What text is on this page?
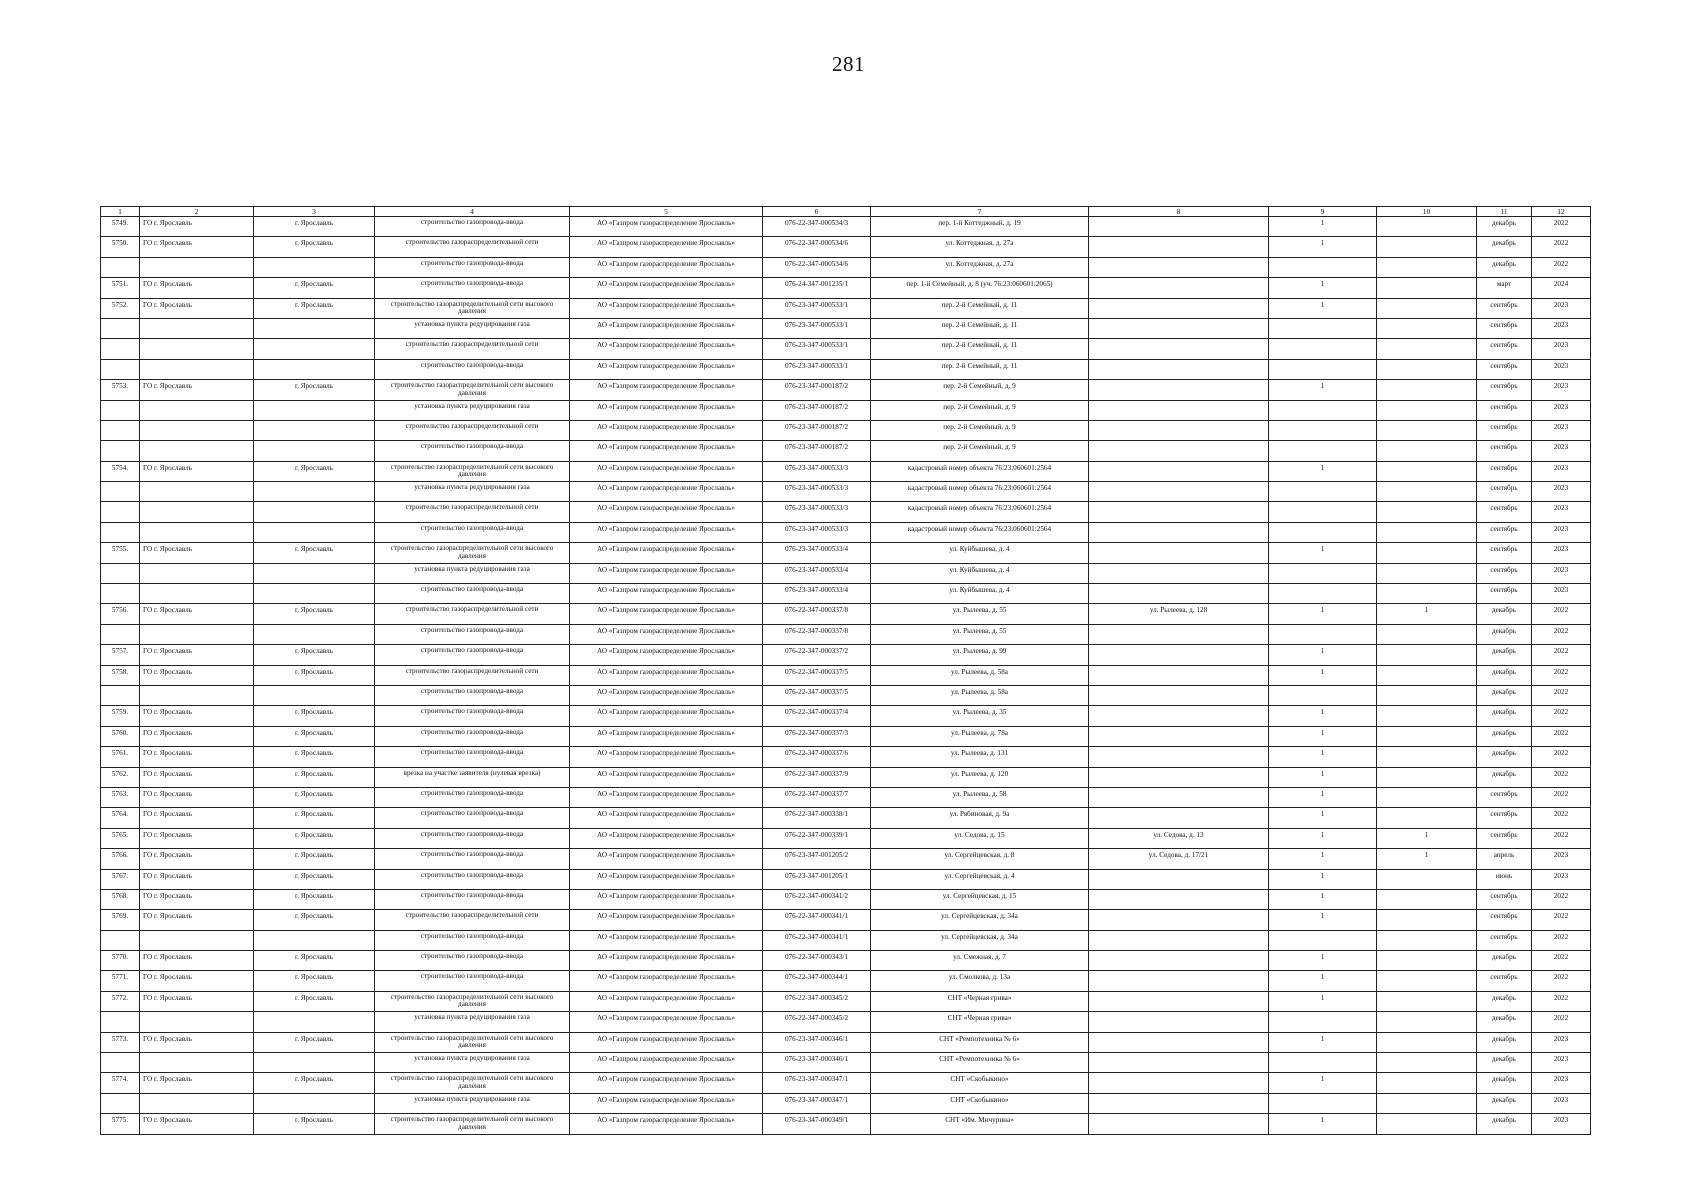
281
1	2	3	4	5	6	7	8	9	10	11	12
5749.	ГО г. Ярославль	г. Ярославль	строительство газопровода-ввода	АО «Газпром газораспределение Ярославль»	076-22-347-000534/3	пер. 1-й Коттеджный, д. 19		1		декабрь	2022
5750.	ГО г. Ярославль	г. Ярославль	строительство газораспределительной сети	АО «Газпром газораспределение Ярославль»	076-22-347-000534/6	ул. Коттеджная, д. 27а		1		декабрь	2022
			строительство газопровода-ввода	АО «Газпром газораспределение Ярославль»	076-22-347-000534/6	ул. Коттеджная, д. 27а				декабрь	2022
5751.	ГО г. Ярославль	г. Ярославль	строительство газопровода-ввода	АО «Газпром газораспределение Ярославль»	076-24-347-001235/1	пер. 1-й Семейный, д. 8 (уч. 76:23:060601:2065)		1		март	2024
5752.	ГО г. Ярославль	г. Ярославль	строительство газораспределительной сети высокого давления	АО «Газпром газораспределение Ярославль»	076-23-347-000533/1	пер. 2-й Семейный, д. 11		1		сентябрь	2023
			установка пункта редуцирования газа	АО «Газпром газораспределение Ярославль»	076-23-347-000533/1	пер. 2-й Семейный, д. 11				сентябрь	2023
			строительство газораспределительной сети	АО «Газпром газораспределение Ярославль»	076-23-347-000533/1	пер. 2-й Семейный, д. 11				сентябрь	2023
			строительство газопровода-ввода	АО «Газпром газораспределение Ярославль»	076-23-347-000533/1	пер. 2-й Семейный, д. 11				сентябрь	2023
5753.	ГО г. Ярославль	г. Ярославль	строительство газораспределительной сети высокого давления	АО «Газпром газораспределение Ярославль»	076-23-347-000187/2	пер. 2-й Семейный, д. 9		1		сентябрь	2023
			установка пункта редуцирования газа	АО «Газпром газораспределение Ярославль»	076-23-347-000187/2	пер. 2-й Семейный, д. 9				сентябрь	2023
			строительство газораспределительной сети	АО «Газпром газораспределение Ярославль»	076-23-347-000187/2	пер. 2-й Семейный, д. 9				сентябрь	2023
			строительство газопровода-ввода	АО «Газпром газораспределение Ярославль»	076-23-347-000187/2	пер. 2-й Семейный, д. 9				сентябрь	2023
5754.	ГО г. Ярославль	г. Ярославль	строительство газораспределительной сети высокого давления	АО «Газпром газораспределение Ярославль»	076-23-347-000533/3	кадастровый номер объекта 76:23:060601:2564		1		сентябрь	2023
			установка пункта редуцирования газа	АО «Газпром газораспределение Ярославль»	076-23-347-000533/3	кадастровый номер объекта 76:23:060601:2564				сентябрь	2023
			строительство газораспределительной сети	АО «Газпром газораспределение Ярославль»	076-23-347-000533/3	кадастровый номер объекта 76:23:060601:2564				сентябрь	2023
			строительство газопровода-ввода	АО «Газпром газораспределение Ярославль»	076-23-347-000533/3	кадастровый номер объекта 76:23:060601:2564				сентябрь	2023
5755.	ГО г. Ярославль	г. Ярославль	строительство газораспределительной сети высокого давления	АО «Газпром газораспределение Ярославль»	076-23-347-000533/4	ул. Куйбышева, д. 4		1		сентябрь	2023
			установка пункта редуцирования газа	АО «Газпром газораспределение Ярославль»	076-23-347-000533/4	ул. Куйбышева, д. 4				сентябрь	2023
			строительство газопровода-ввода	АО «Газпром газораспределение Ярославль»	076-23-347-000533/4	ул. Куйбышева, д. 4				сентябрь	2023
5756.	ГО г. Ярославль	г. Ярославль	строительство газораспределительной сети	АО «Газпром газораспределение Ярославль»	076-22-347-000337/8	ул. Рылеева, д. 55	ул. Рылеева, д. 128	1	1	декабрь	2022
			строительство газопровода-ввода	АО «Газпром газораспределение Ярославль»	076-22-347-000337/8	ул. Рылеева, д. 55				декабрь	2022
5757.	ГО г. Ярославль	г. Ярославль	строительство газопровода-ввода	АО «Газпром газораспределение Ярославль»	076-22-347-000337/2	ул. Рылеева, д. 99		1		декабрь	2022
5758.	ГО г. Ярославль	г. Ярославль	строительство газораспределительной сети	АО «Газпром газораспределение Ярославль»	076-22-347-000337/5	ул. Рылеева, д. 58а		1		декабрь	2022
			строительство газопровода-ввода	АО «Газпром газораспределение Ярославль»	076-22-347-000337/5	ул. Рылеева, д. 58а				декабрь	2022
5759.	ГО г. Ярославль	г. Ярославль	строительство газопровода-ввода	АО «Газпром газораспределение Ярославль»	076-22-347-000337/4	ул. Рылеева, д. 35		1		декабрь	2022
5760.	ГО г. Ярославль	г. Ярославль	строительство газопровода-ввода	АО «Газпром газораспределение Ярославль»	076-22-347-000337/3	ул. Рылеева, д. 78а		1		декабрь	2022
5761.	ГО г. Ярославль	г. Ярославль	строительство газопровода-ввода	АО «Газпром газораспределение Ярославль»	076-22-347-000337/6	ул. Рылеева, д. 131		1		декабрь	2022
5762.	ГО г. Ярославль	г. Ярославль	врезка на участке заявителя (нулевая врезка)	АО «Газпром газораспределение Ярославль»	076-22-347-000337/9	ул. Рылеева, д. 120		1		декабрь	2022
5763.	ГО г. Ярославль	г. Ярославль	строительство газопровода-ввода	АО «Газпром газораспределение Ярославль»	076-22-347-000337/7	ул. Рылеева, д. 58		1		сентябрь	2022
5764.	ГО г. Ярославль	г. Ярославль	строительство газопровода-ввода	АО «Газпром газораспределение Ярославль»	076-22-347-000338/1	ул. Рябиновая, д. 9а		1		сентябрь	2022
5765.	ГО г. Ярославль	г. Ярославль	строительство газопровода-ввода	АО «Газпром газораспределение Ярославль»	076-22-347-000339/1	ул. Седова, д. 15	ул. Седова, д. 13	1	1	сентябрь	2022
5766.	ГО г. Ярославль	г. Ярославль	строительство газопровода-ввода	АО «Газпром газораспределение Ярославль»	076-23-347-001205/2	ул. Сергейцевская, д. 8	ул. Седова, д. 17/21	1	1	апрель	2023
5767.	ГО г. Ярославль	г. Ярославль	строительство газопровода-ввода	АО «Газпром газораспределение Ярославль»	076-23-347-001205/1	ул. Сергейцевская, д. 4		1		июнь	2023
5768.	ГО г. Ярославль	г. Ярославль	строительство газопровода-ввода	АО «Газпром газораспределение Ярославль»	076-22-347-000341/2	ул. Сергейцевская, д. 15		1		сентябрь	2022
5769.	ГО г. Ярославль	г. Ярославль	строительство газораспределительной сети	АО «Газпром газораспределение Ярославль»	076-22-347-000341/1	ул. Сергейцевская, д. 34а		1		сентябрь	2022
			строительство газопровода-ввода	АО «Газпром газораспределение Ярославль»	076-22-347-000341/1	ул. Сергейцевская, д. 34а				сентябрь	2022
5770.	ГО г. Ярославль	г. Ярославль	строительство газопровода-ввода	АО «Газпром газораспределение Ярославль»	076-22-347-000343/1	ул. Смежная, д. 7		1		декабрь	2022
5771.	ГО г. Ярославль	г. Ярославль	строительство газопровода-ввода	АО «Газпром газораспределение Ярославль»	076-22-347-000344/1	ул. Смолкова, д. 13а		1		сентябрь	2022
5772.	ГО г. Ярославль	г. Ярославль	строительство газораспределительной сети высокого давления	АО «Газпром газораспределение Ярославль»	076-22-347-000345/2	СНТ «Черная грива»		1		декабрь	2022
			установка пункта редуцирования газа	АО «Газпром газораспределение Ярославль»	076-22-347-000345/2	СНТ «Черная грива»				декабрь	2022
5773.	ГО г. Ярославль	г. Ярославль	строительство газораспределительной сети высокого давления	АО «Газпром газораспределение Ярославль»	076-23-347-000346/1	СНТ «Ремпотехника № 6»		1		декабрь	2023
			установка пункта редуцирования газа	АО «Газпром газораспределение Ярославль»	076-23-347-000346/1	СНТ «Ремпотехника № 6»				декабрь	2023
5774.	ГО г. Ярославль	г. Ярославль	строительство газораспределительной сети высокого давления	АО «Газпром газораспределение Ярославль»	076-23-347-000347/1	СНТ «Скобыкино»		1		декабрь	2023
			установка пункта редуцирования газа	АО «Газпром газораспределение Ярославль»	076-23-347-000347/1	СНТ «Скобыкино»				декабрь	2023
5775.	ГО г. Ярославль	г. Ярославль	строительство газораспределительной сети высокого давления	АО «Газпром газораспределение Ярославль»	076-23-347-000349/1	СНТ «Им. Мичурина»		1		декабрь	2023
